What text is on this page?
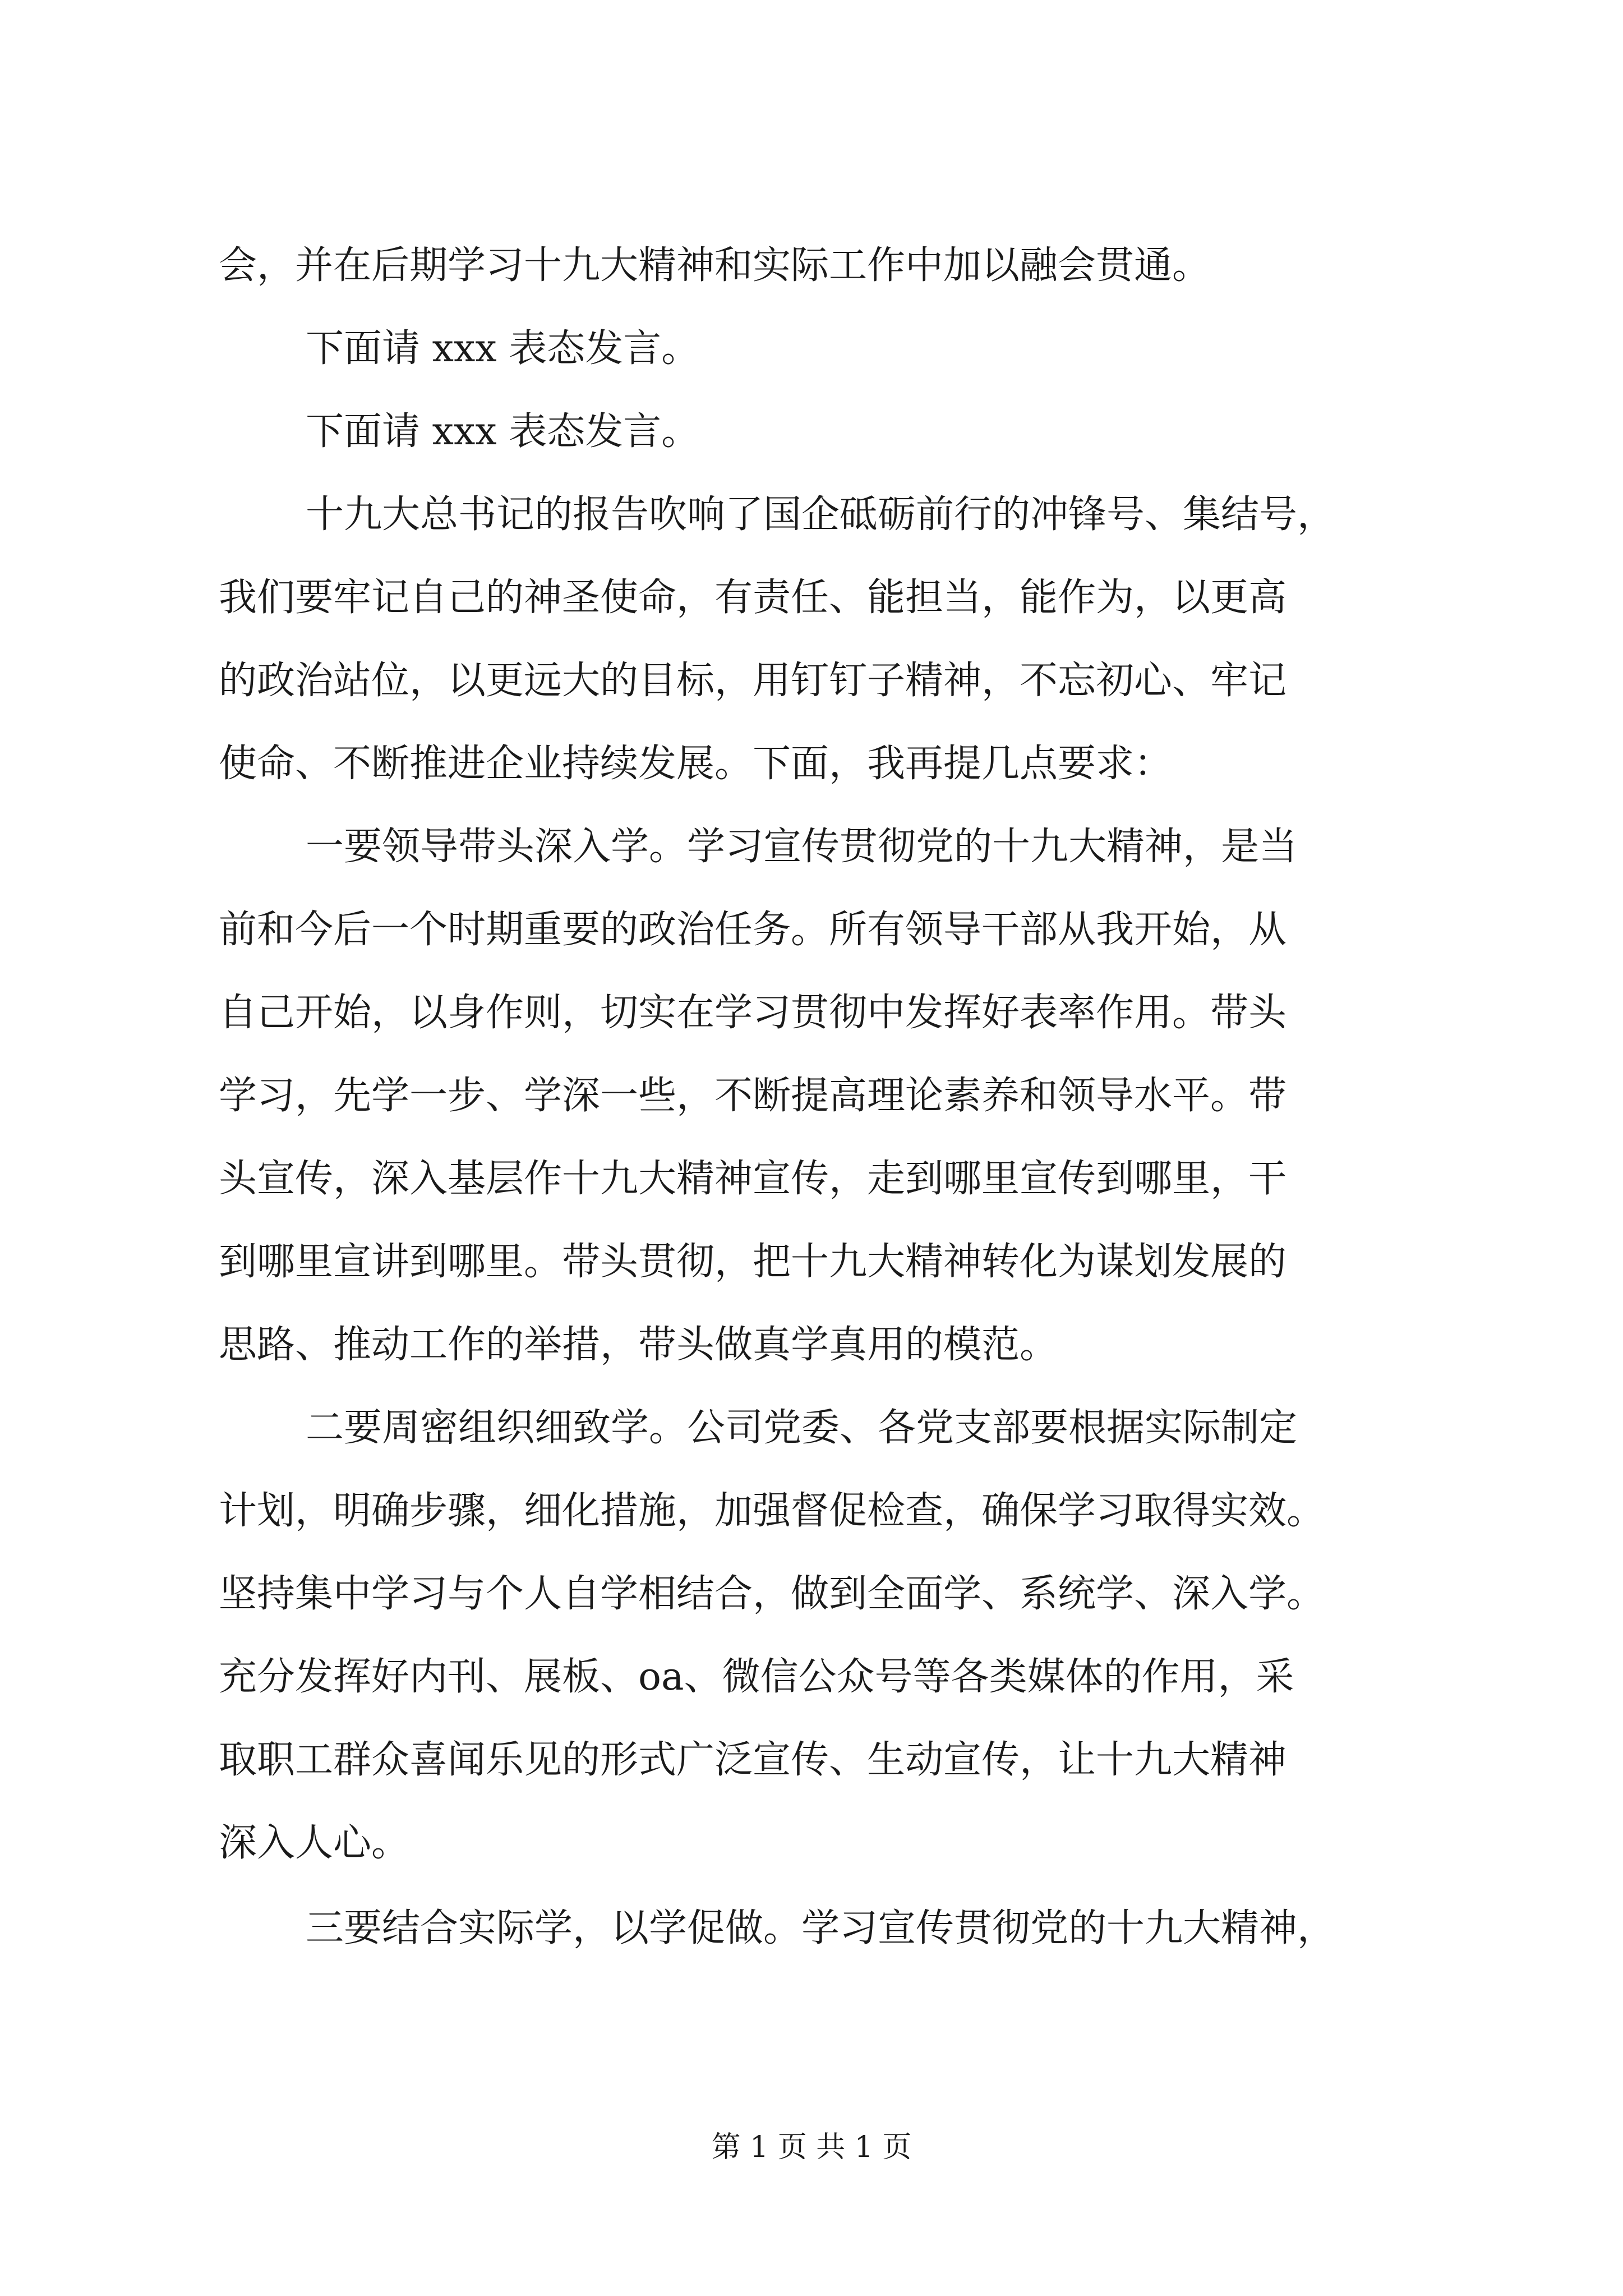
会，并在后期学习十九大精神和实际工作中加以融会贯通。
下面请 xxx 表态发言。
下面请 xxx 表态发言。
十九大总书记的报告吹响了国企砥砺前行的冲锋号、集结号，
我们要牢记自己的神圣使命，有责任、能担当，能作为，以更高
的政治站位，以更远大的目标，用钉钉子精神，不忘初心、牢记
使命、不断推进企业持续发展。下面，我再提几点要求：
一要领导带头深入学。学习宣传贯彻党的十九大精神，是当
前和今后一个时期重要的政治任务。所有领导干部从我开始，从
自己开始，以身作则，切实在学习贯彻中发挥好表率作用。带头
学习，先学一步、学深一些，不断提高理论素养和领导水平。带
头宣传，深入基层作十九大精神宣传，走到哪里宣传到哪里，干
到哪里宣讲到哪里。带头贯彻，把十九大精神转化为谋划发展的
思路、推动工作的举措，带头做真学真用的模范。
二要周密组织细致学。公司党委、各党支部要根据实际制定
计划，明确步骤，细化措施，加强督促检查，确保学习取得实效。
坚持集中学习与个人自学相结合，做到全面学、系统学、深入学。
充分发挥好内刊、展板、oa、微信公众号等各类媒体的作用，采
取职工群众喜闻乐见的形式广泛宣传、生动宣传，让十九大精神
深入人心。
三要结合实际学，以学促做。学习宣传贯彻党的十九大精神，
第 1 页 共 1 页
